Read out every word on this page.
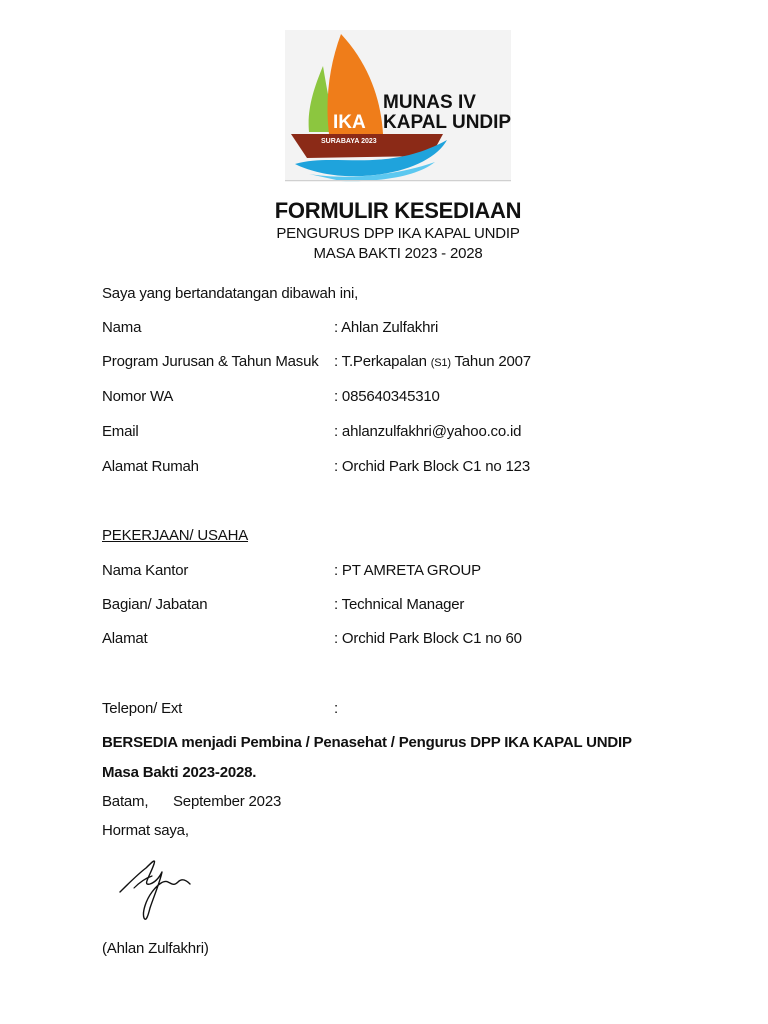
IKA
MUNAS IV
KAPAL UNDIP
SURABAYA 2023
FORMULIR KESEDIAAN
PENGURUS DPP IKA KAPAL UNDIP
MASA BAKTI 2023 - 2028
Saya yang bertandatangan dibawah ini,
Nama	: Ahlan Zulfakhri
Program Jurusan & Tahun Masuk : T.Perkapalan (S1) Tahun 2007
Nomor WA	: 085640345310
Email	: ahlanzulfakhri@yahoo.co.id
Alamat Rumah	: Orchid Park Block C1 no 123
PEKERJAAN/ USAHA
Nama Kantor	: PT AMRETA GROUP
Bagian/ Jabatan	: Technical Manager
Alamat	: Orchid Park Block C1 no 60
Telepon/ Ext	:
BERSEDIA menjadi Pembina / Penasehat / Pengurus DPP IKA KAPAL UNDIP
Masa Bakti 2023-2028.
Batam, September 2023
Hormat saya,
(Ahlan Zulfakhri)
